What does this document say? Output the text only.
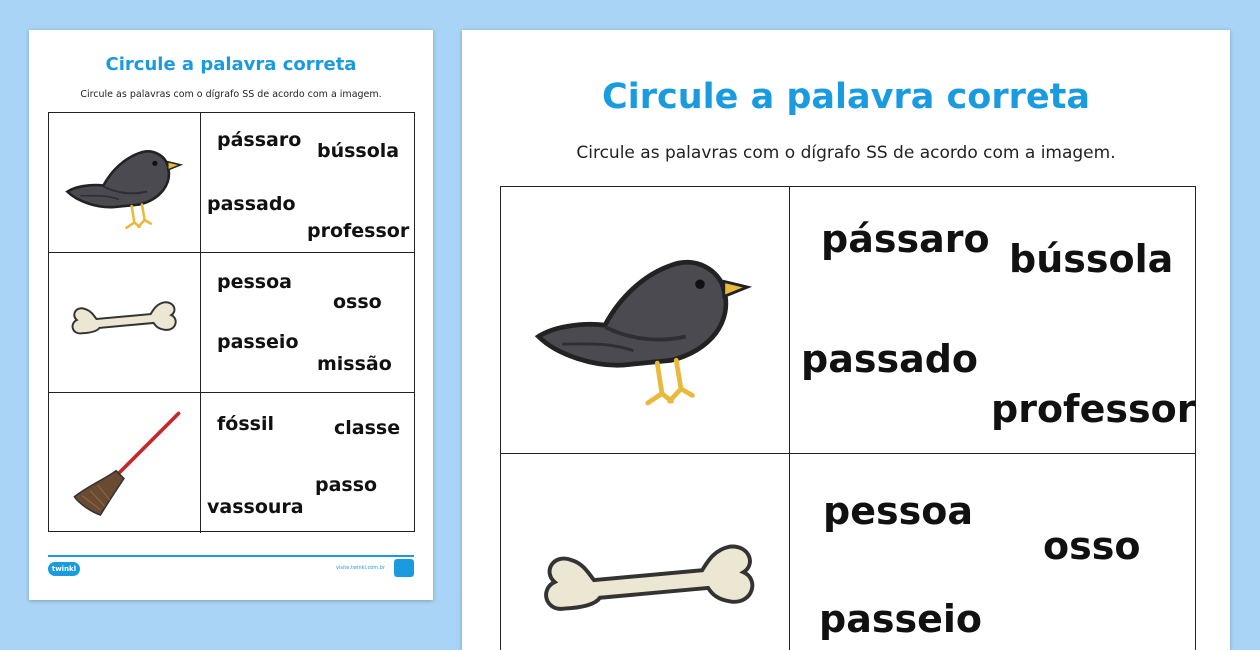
Circule a palavra correta

Circule as palavras com o dígrafo SS de acordo com a imagem.

pássaro bússola
passado
professor
pessoa
osso
passeio
missão
fóssil	classe
vassoura
passo
twinkl	visite.twinkl.com.br
Circule a palavra correta

Circule as palavras com o dígrafo SS de acordo com a imagem.

pássaro bússola
passado
professor
pessoa
osso
passeio
